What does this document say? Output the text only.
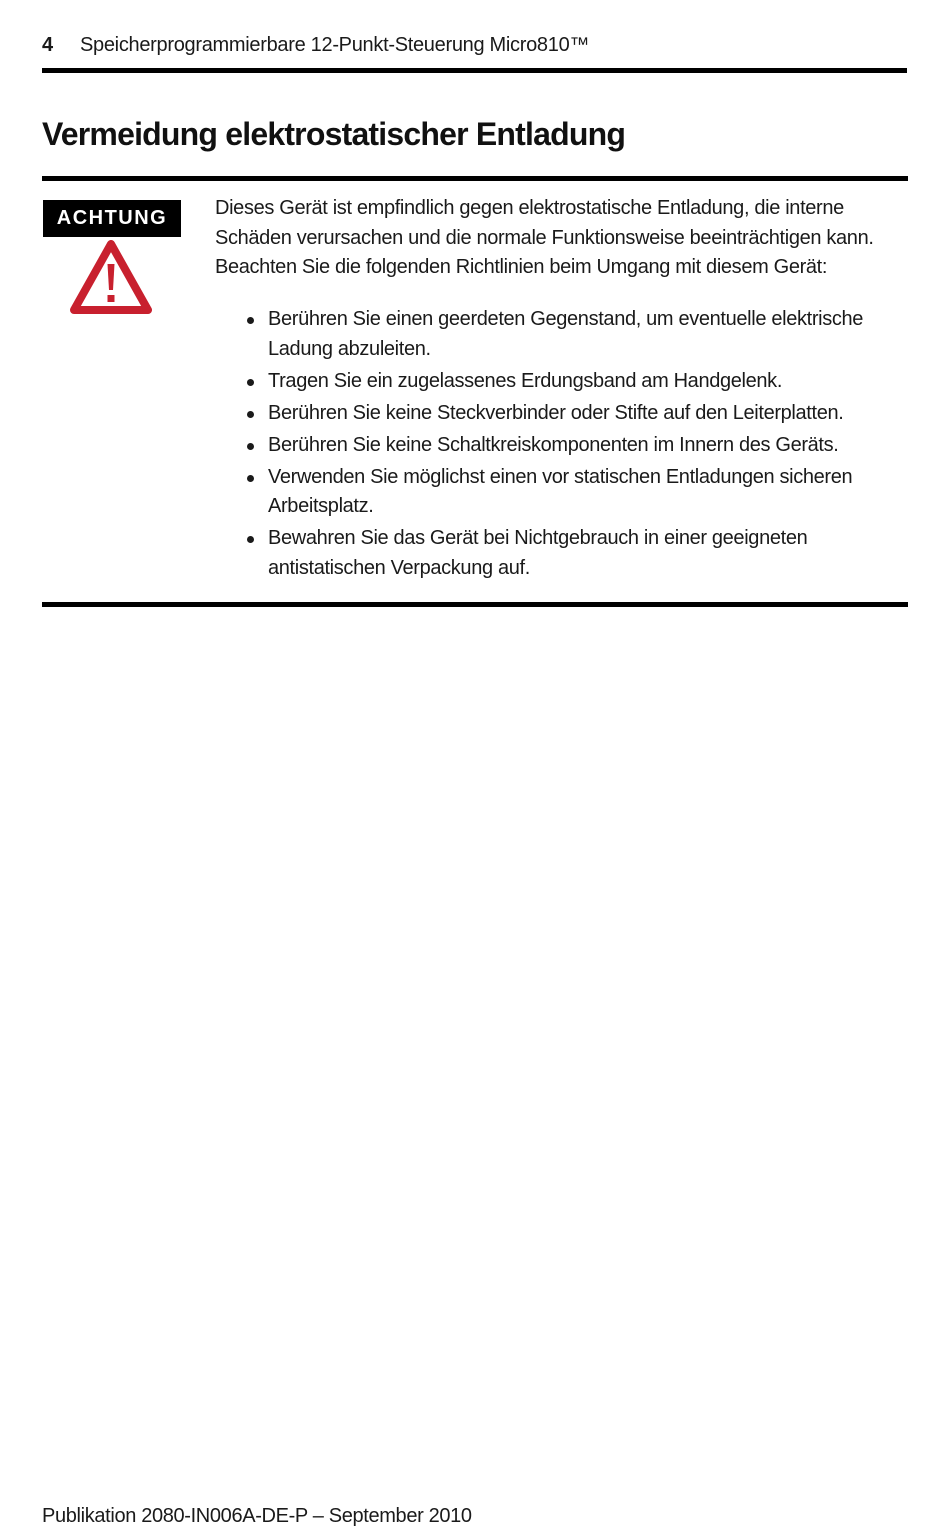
4	Speicherprogrammierbare 12-Punkt-Steuerung Micro810™
Vermeidung elektrostatischer Entladung
ACHTUNG	Dieses Gerät ist empfindlich gegen elektrostatische Entladung, die interne Schäden verursachen und die normale Funktionsweise beeinträchtigen kann. Beachten Sie die folgenden Richtlinien beim Umgang mit diesem Gerät:

Berühren Sie einen geerdeten Gegenstand, um eventuelle elektrische Ladung abzuleiten.
Tragen Sie ein zugelassenes Erdungsband am Handgelenk.
Berühren Sie keine Steckverbinder oder Stifte auf den Leiterplatten.
Berühren Sie keine Schaltkreiskomponenten im Innern des Geräts.
Verwenden Sie möglichst einen vor statischen Entladungen sicheren Arbeitsplatz.
Bewahren Sie das Gerät bei Nichtgebrauch in einer geeigneten antistatischen Verpackung auf.
Publikation 2080-IN006A-DE-P – September 2010
